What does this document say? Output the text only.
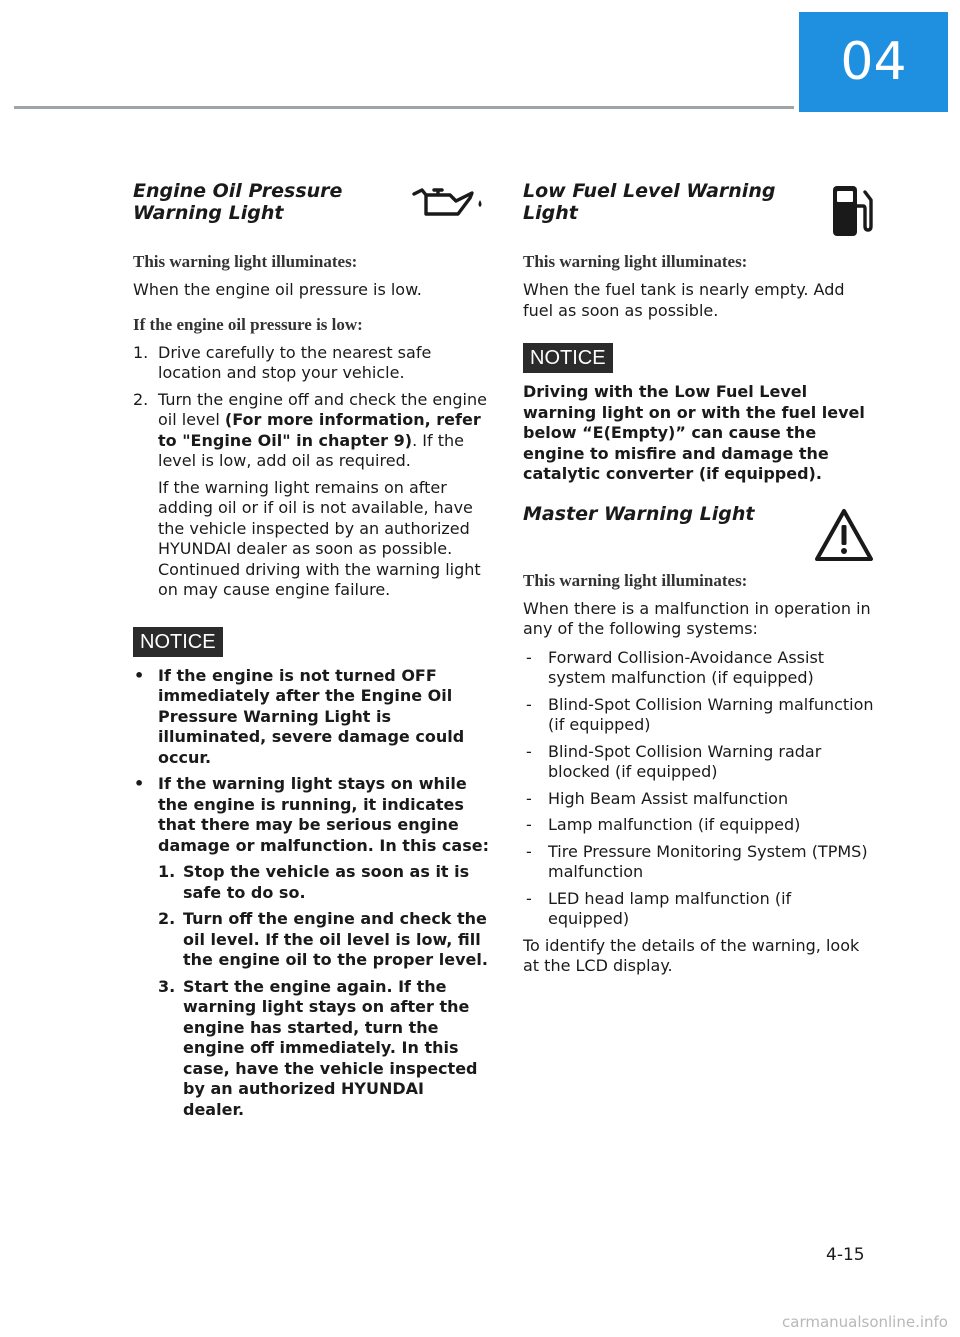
04
Engine Oil Pressure Warning Light
This warning light illuminates:

When the engine oil pressure is low.

If the engine oil pressure is low:
1. Drive carefully to the nearest safe location and stop your vehicle.
2. Turn the engine off and check the engine oil level (For more information, refer to "Engine Oil" in chapter 9). If the level is low, add oil as required.

If the warning light remains on after adding oil or if oil is not available, have the vehicle inspected by an authorized HYUNDAI dealer as soon as possible. Continued driving with the warning light on may cause engine failure.

NOTICE
• If the engine is not turned OFF immediately after the Engine Oil Pressure Warning Light is illuminated, severe damage could occur.
• If the warning light stays on while the engine is running, it indicates that there may be serious engine damage or malfunction. In this case:
1. Stop the vehicle as soon as it is safe to do so.
2. Turn off the engine and check the oil level. If the oil level is low, fill the engine oil to the proper level.
3. Start the engine again. If the warning light stays on after the engine has started, turn the engine off immediately. In this case, have the vehicle inspected by an authorized HYUNDAI dealer.
Low Fuel Level Warning Light
This warning light illuminates:

When the fuel tank is nearly empty. Add fuel as soon as possible.

NOTICE

Driving with the Low Fuel Level warning light on or with the fuel level below “E(Empty)” can cause the engine to misfire and damage the catalytic converter (if equipped).

Master Warning Light
This warning light illuminates:

When there is a malfunction in operation in any of the following systems:

- Forward Collision-Avoidance Assist system malfunction (if equipped)
- Blind-Spot Collision Warning malfunction (if equipped)
- Blind-Spot Collision Warning radar blocked (if equipped)
- High Beam Assist malfunction
- Lamp malfunction (if equipped)
- Tire Pressure Monitoring System (TPMS) malfunction
- LED head lamp malfunction (if equipped)

To identify the details of the warning, look at the LCD display.

4-15
carmanualsonline.info
